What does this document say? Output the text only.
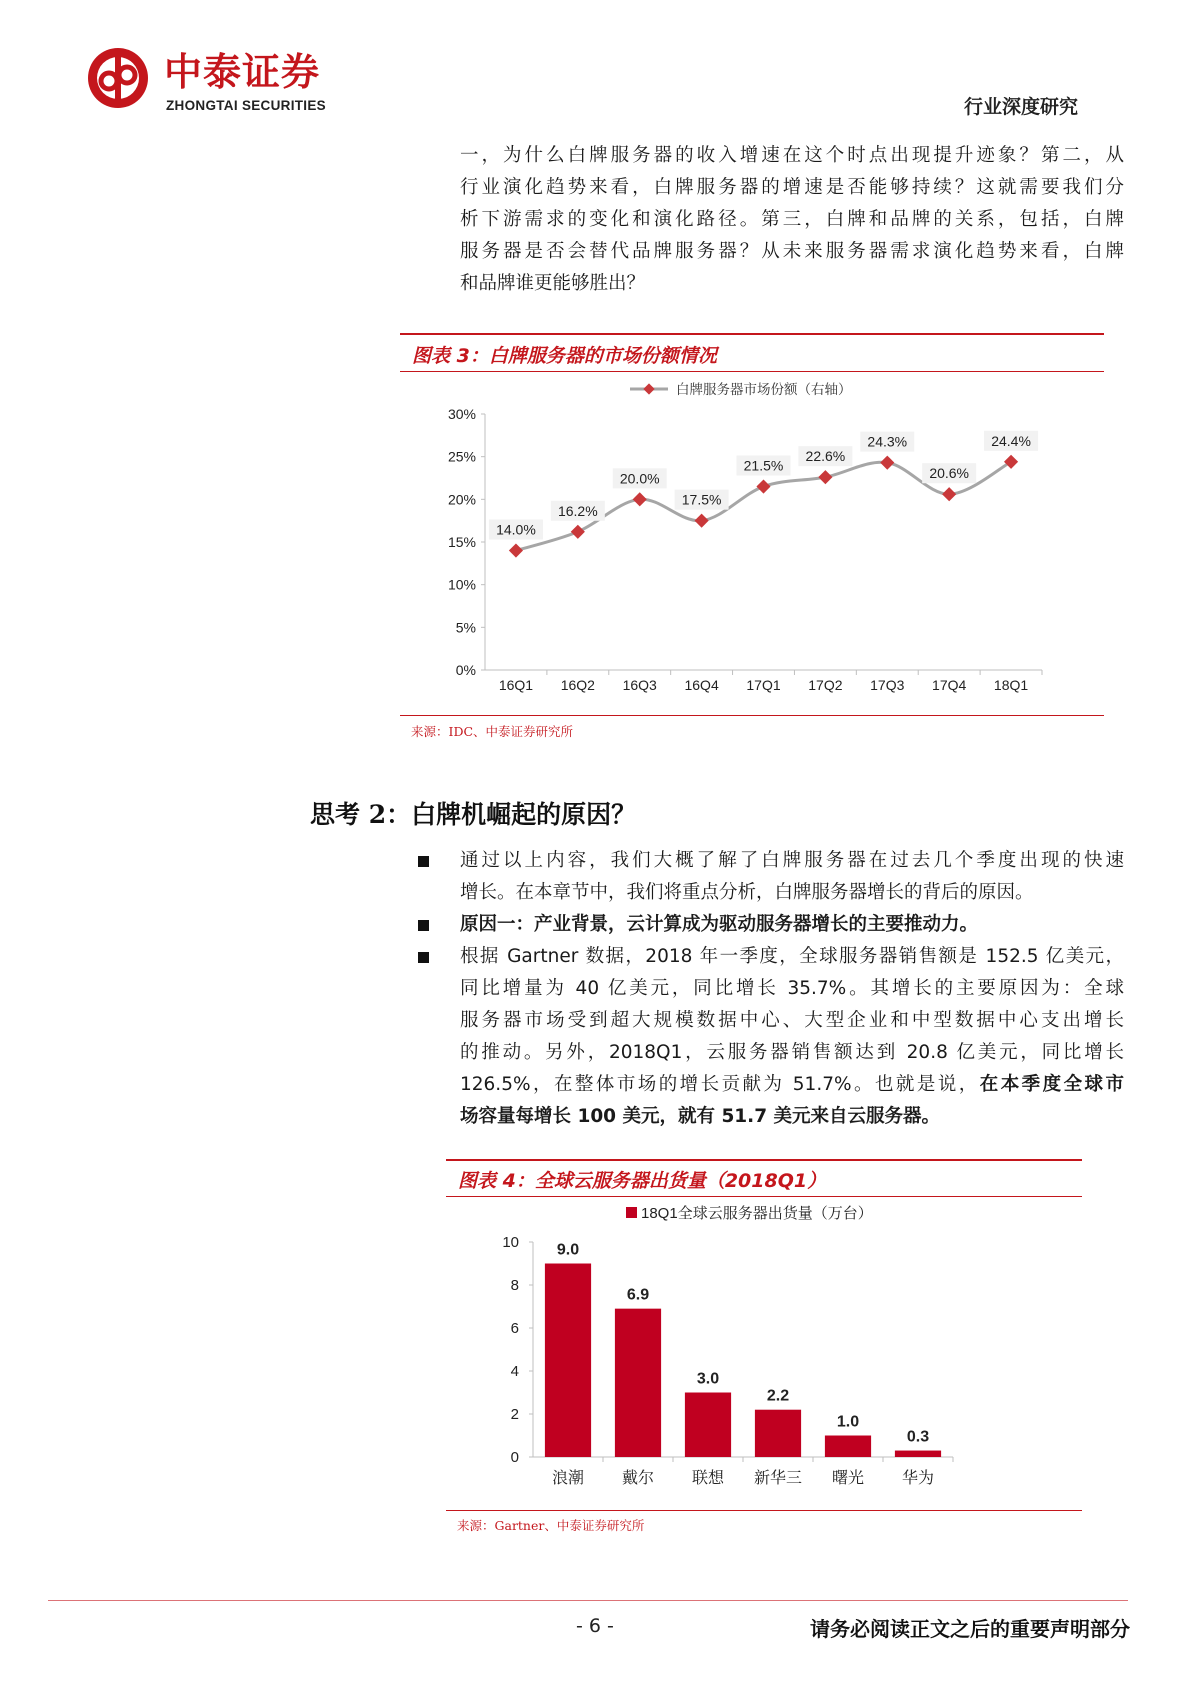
中泰证券
ZHONGTAI SECURITIES	行业深度研究

一，为什么白牌服务器的收入增速在这个时点出现提升迹象？第二，从
行业演化趋势来看，白牌服务器的增速是否能够持续？这就需要我们分
析下游需求的变化和演化路径。第三，白牌和品牌的关系，包括，白牌
服务器是否会替代品牌服务器？从未来服务器需求演化趋势来看，白牌
和品牌谁更能够胜出？

图表 3：白牌服务器的市场份额情况
白牌服务器市场份额（右轴）
0%
5%
10%
15%
20%
25%
30%
16Q1 16Q2 16Q3 16Q4 17Q1 17Q2 17Q3 17Q4 18Q1
14.0%
16.2%
20.0%
17.5%
21.5%
22.6%
24.3%
20.6%
24.4%
来源：IDC、中泰证券研究所
思考 2：白牌机崛起的原因？
通过以上内容，我们大概了解了白牌服务器在过去几个季度出现的快速
增长。在本章节中，我们将重点分析，白牌服务器增长的背后的原因。
原因一：产业背景，云计算成为驱动服务器增长的主要推动力。
根据 Gartner 数据，2018 年一季度，全球服务器销售额是 152.5 亿美元，
同比增量为 40 亿美元，同比增长 35.7%。其增长的主要原因为：全球
服务器市场受到超大规模数据中心、大型企业和中型数据中心支出增长
的推动。另外，2018Q1，云服务器销售额达到 20.8 亿美元，同比增长
126.5%，在整体市场的增长贡献为 51.7%。也就是说，在本季度全球市
场容量每增长 100 美元，就有 51.7 美元来自云服务器。
图表 4：全球云服务器出货量（2018Q1）
18Q1全球云服务器出货量（万台）
0
2
4
6
8
10 9.0
6.9
3.0
2.2
1.0
0.3
浪潮 戴尔 联想 新华三 曙光 华为
来源：Gartner、中泰证券研究所
- 6 -	请务必阅读正文之后的重要声明部分
